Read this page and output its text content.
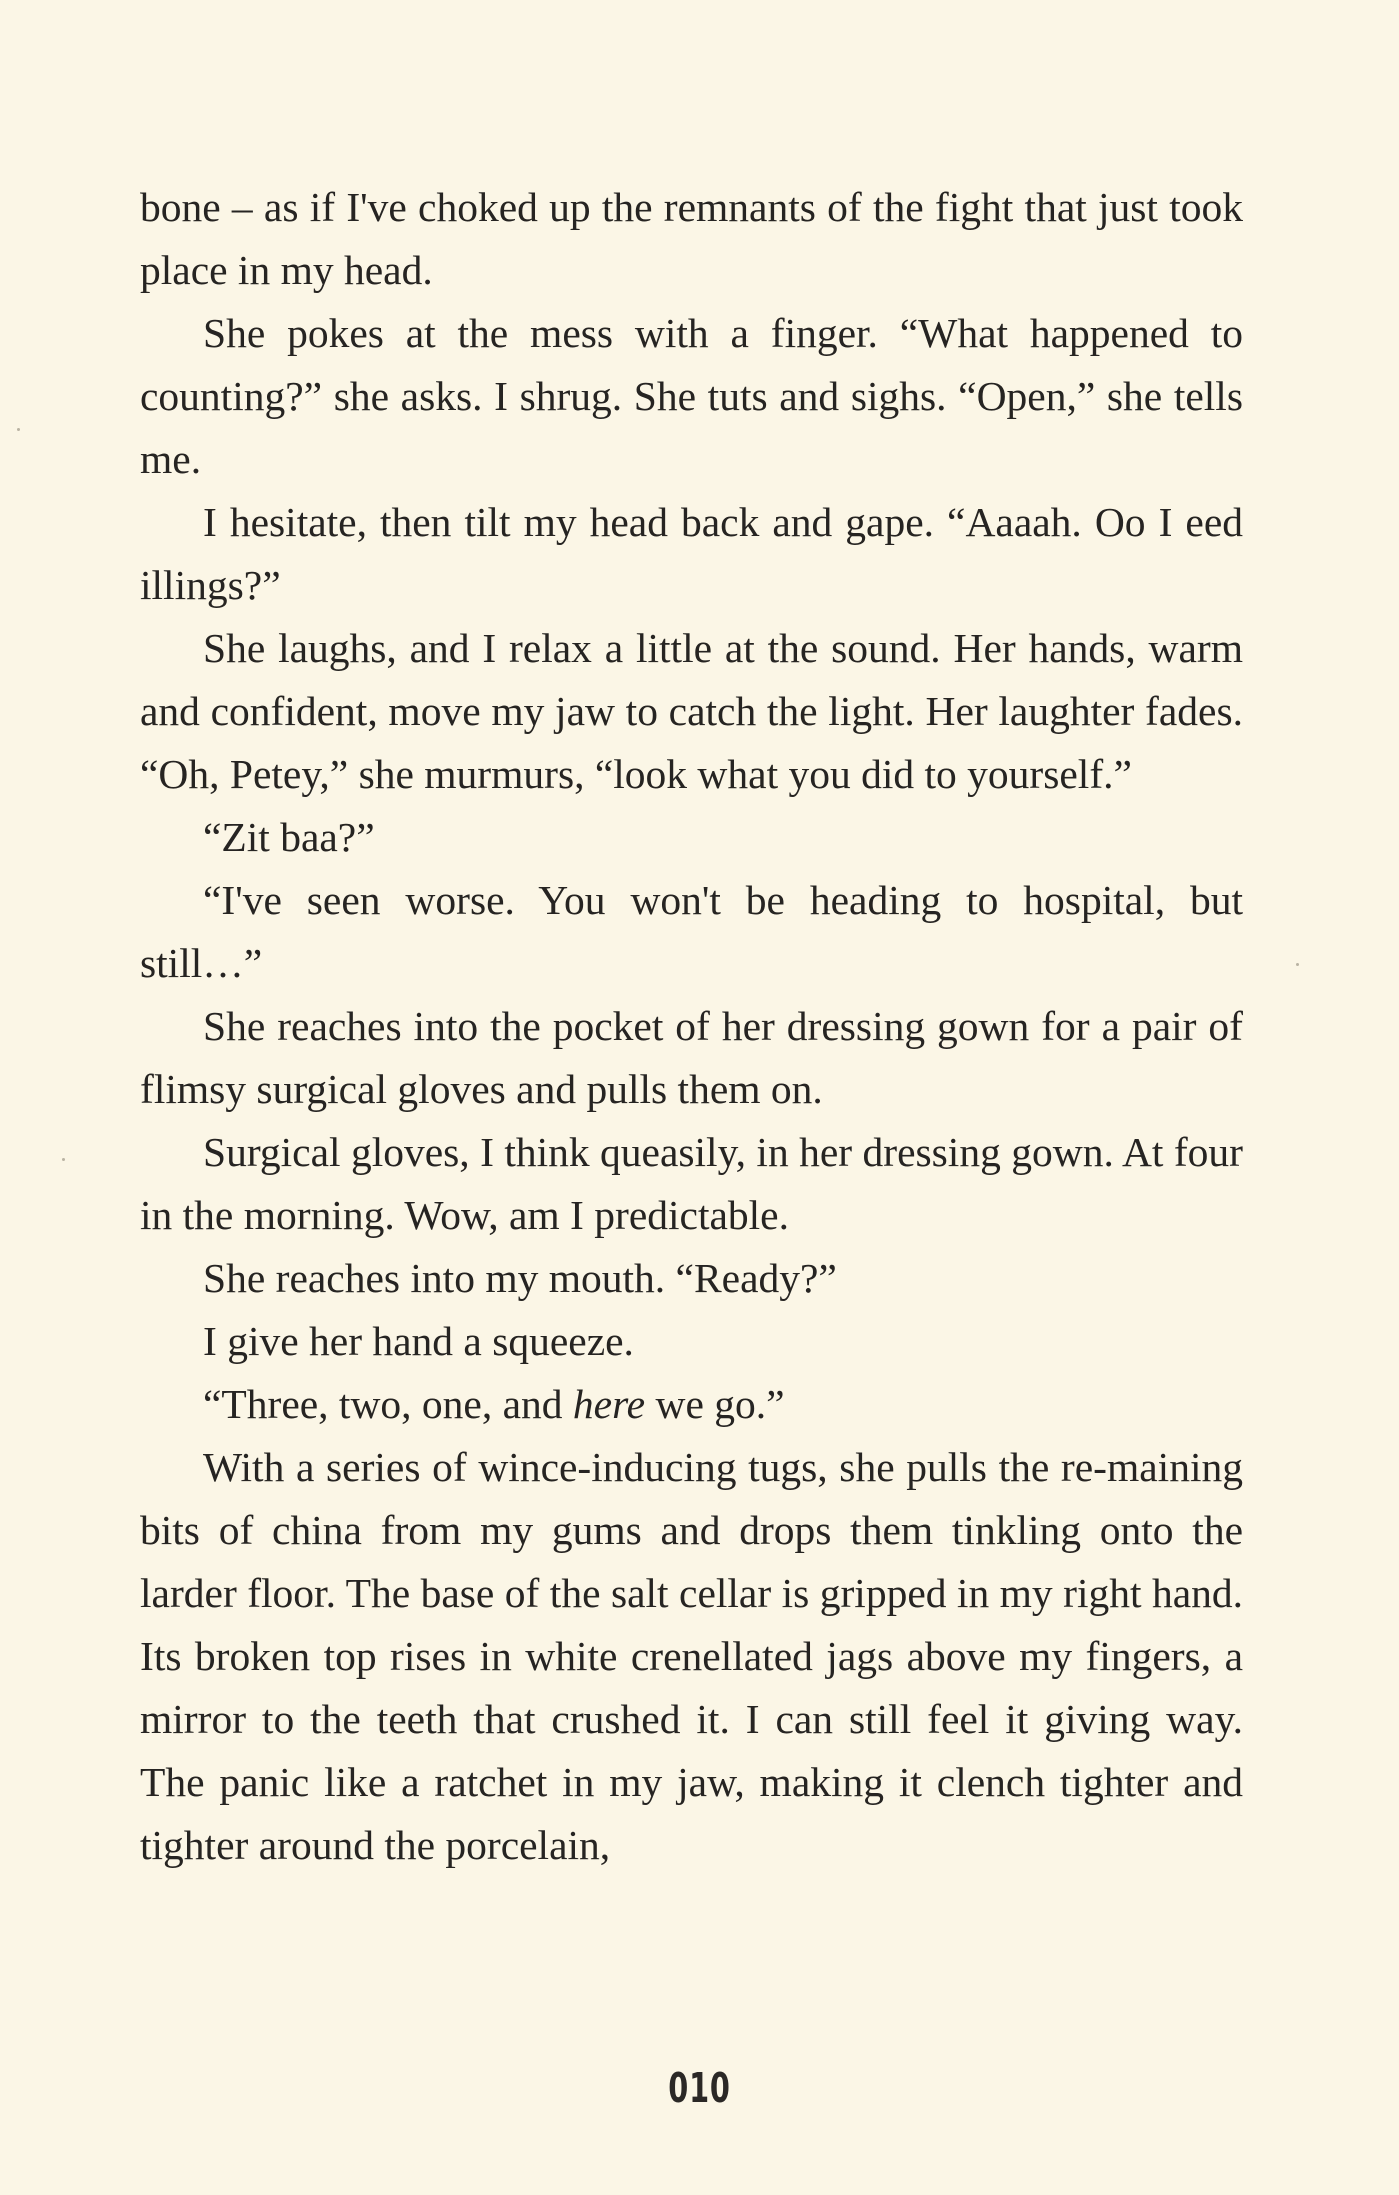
bone – as if I've choked up the remnants of the fight that just took place in my head.

She pokes at the mess with a finger. “What happened to counting?” she asks. I shrug. She tuts and sighs. “Open,” she tells me.

I hesitate, then tilt my head back and gape. “Aaaah. Oo I eed illings?”

She laughs, and I relax a little at the sound. Her hands, warm and confident, move my jaw to catch the light. Her laughter fades. “Oh, Petey,” she murmurs, “look what you did to yourself.”

“Zit baa?”

“I've seen worse. You won't be heading to hospital, but still…”

She reaches into the pocket of her dressing gown for a pair of flimsy surgical gloves and pulls them on.

Surgical gloves, I think queasily, in her dressing gown. At four in the morning. Wow, am I predictable.

She reaches into my mouth. “Ready?”

I give her hand a squeeze.

“Three, two, one, and here we go.”

With a series of wince-inducing tugs, she pulls the re-maining bits of china from my gums and drops them tinkling onto the larder floor. The base of the salt cellar is gripped in my right hand. Its broken top rises in white crenellated jags above my fingers, a mirror to the teeth that crushed it. I can still feel it giving way. The panic like a ratchet in my jaw, making it clench tighter and tighter around the porcelain,

010
